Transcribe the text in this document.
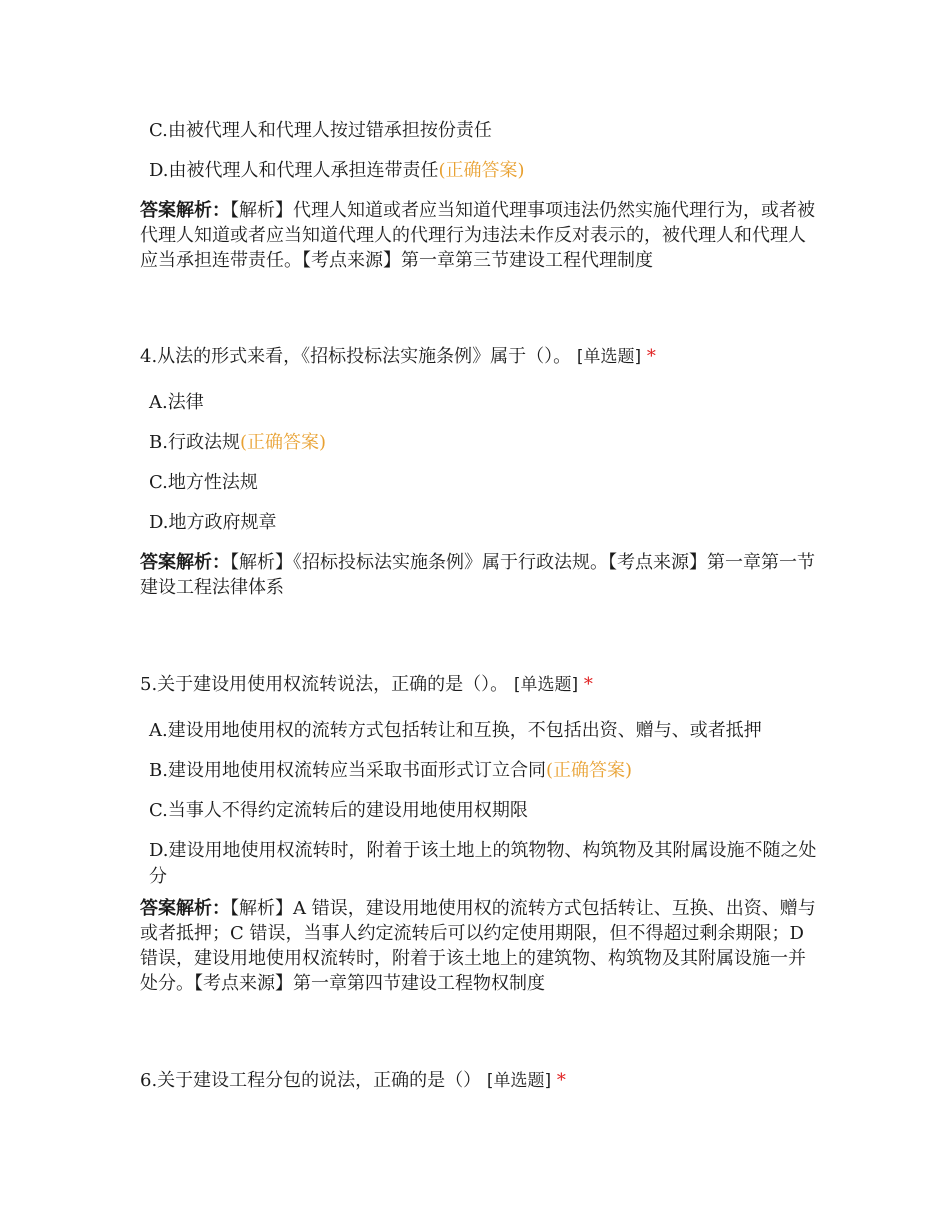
C.由被代理人和代理人按过错承担按份责任
D.由被代理人和代理人承担连带责任(正确答案)
答案解析：【解析】代理人知道或者应当知道代理事项违法仍然实施代理行为，或者被代理人知道或者应当知道代理人的代理行为违法未作反对表示的，被代理人和代理人应当承担连带责任。【考点来源】第一章第三节建设工程代理制度
4.从法的形式来看，《招标投标法实施条例》属于（）。 [单选题] *
A.法律
B.行政法规(正确答案)
C.地方性法规
D.地方政府规章
答案解析：【解析】《招标投标法实施条例》属于行政法规。【考点来源】第一章第一节建设工程法律体系
5.关于建设用使用权流转说法，正确的是（）。 [单选题] *
A.建设用地使用权的流转方式包括转让和互换，不包括出资、赠与、或者抵押
B.建设用地使用权流转应当采取书面形式订立合同(正确答案)
C.当事人不得约定流转后的建设用地使用权期限
D.建设用地使用权流转时，附着于该土地上的筑物物、构筑物及其附属设施不随之处分
答案解析：【解析】A 错误，建设用地使用权的流转方式包括转让、互换、出资、赠与或者抵押；C 错误，当事人约定流转后可以约定使用期限，但不得超过剩余期限；D 错误，建设用地使用权流转时，附着于该土地上的建筑物、构筑物及其附属设施一并处分。【考点来源】第一章第四节建设工程物权制度
6.关于建设工程分包的说法，正确的是（） [单选题] *
